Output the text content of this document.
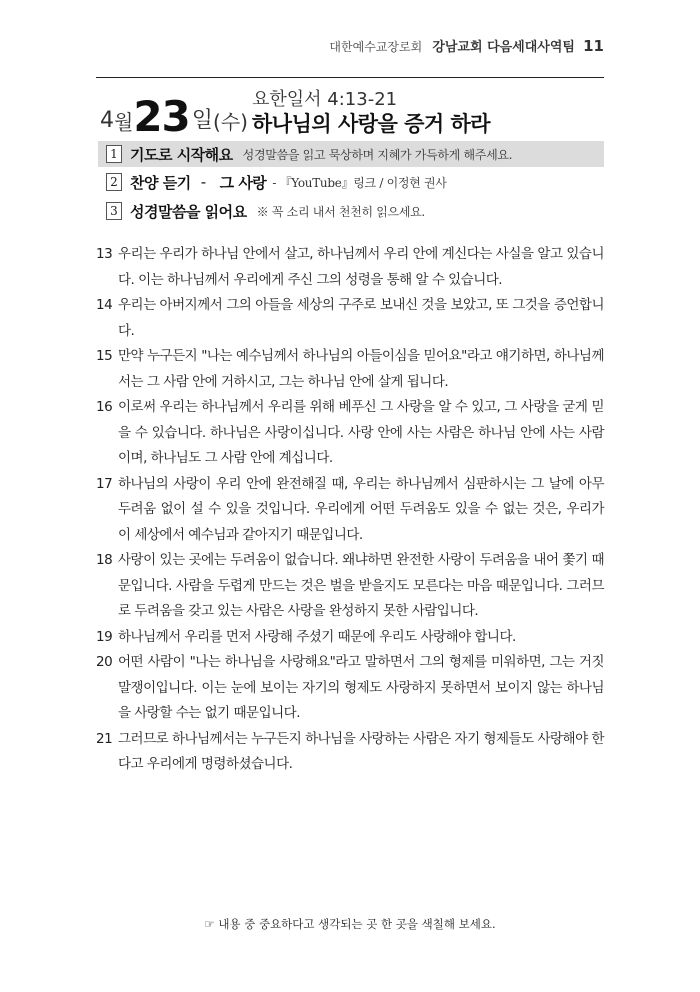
대한예수교장로회 강남교회 다음세대사역팀 11
4 월 23 일 (수)
요한일서 4:13-21
하나님의 사랑을 증거 하라
1 기도로 시작해요 성경말씀을 읽고 묵상하며 지혜가 가득하게 해주세요.
2 찬양 듣기 - 그 사랑 - 『YouTube』링크 / 이정현 권사
3 성경말씀을 읽어요 ※ 꼭 소리 내서 천천히 읽으세요.
13 우리는 우리가 하나님 안에서 살고, 하나님께서 우리 안에 계신다는 사실을 알고 있습니다. 이는 하나님께서 우리에게 주신 그의 성령을 통해 알 수 있습니다.
14 우리는 아버지께서 그의 아들을 세상의 구주로 보내신 것을 보았고, 또 그것을 증언합니다.
15 만약 누구든지 "나는 예수님께서 하나님의 아들이심을 믿어요"라고 얘기하면, 하나님께서는 그 사람 안에 거하시고, 그는 하나님 안에 살게 됩니다.
16 이로써 우리는 하나님께서 우리를 위해 베푸신 그 사랑을 알 수 있고, 그 사랑을 굳게 믿을 수 있습니다. 하나님은 사랑이십니다. 사랑 안에 사는 사람은 하나님 안에 사는 사람이며, 하나님도 그 사람 안에 계십니다.
17 하나님의 사랑이 우리 안에 완전해질 때, 우리는 하나님께서 심판하시는 그 날에 아무 두려움 없이 설 수 있을 것입니다. 우리에게 어떤 두려움도 있을 수 없는 것은, 우리가 이 세상에서 예수님과 같아지기 때문입니다.
18 사랑이 있는 곳에는 두려움이 없습니다. 왜냐하면 완전한 사랑이 두려움을 내어 쫓기 때문입니다. 사람을 두렵게 만드는 것은 벌을 받을지도 모른다는 마음 때문입니다. 그러므로 두려움을 갖고 있는 사람은 사랑을 완성하지 못한 사람입니다.
19 하나님께서 우리를 먼저 사랑해 주셨기 때문에 우리도 사랑해야 합니다.
20 어떤 사람이 "나는 하나님을 사랑해요"라고 말하면서 그의 형제를 미워하면, 그는 거짓말쟁이입니다. 이는 눈에 보이는 자기의 형제도 사랑하지 못하면서 보이지 않는 하나님을 사랑할 수는 없기 때문입니다.
21 그러므로 하나님께서는 누구든지 하나님을 사랑하는 사람은 자기 형제들도 사랑해야 한다고 우리에게 명령하셨습니다.
☞ 내용 중 중요하다고 생각되는 곳 한 곳을 색칠해 보세요.
